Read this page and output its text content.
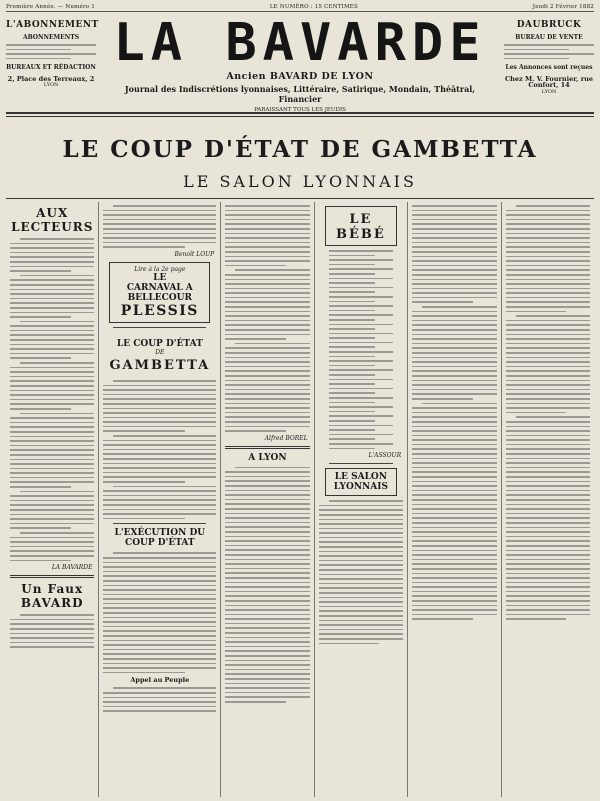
Première Année. — Numéro 1	LE NUMÉRO : 15 CENTIMES	Jeudi 2 Février 1882
L'ABONNEMENT
ABONNEMENTS
BUREAUX ET RÉDACTION
2, Place des Terreaux, 2
LYON
LA BAVARDE
Ancien BAVARD DE LYON
Journal des Indiscrétions lyonnaises, Littéraire, Satirique, Mondain, Théâtral, Financier
PARAISSANT TOUS LES JEUDIS
DAUBRUCK
BUREAU DE VENTE
Les Annonces sont reçues
Chez M. V. Fournier, rue Confort, 14
LYON
LE COUP D'ÉTAT DE GAMBETTA
LE SALON LYONNAIS
AUX LECTEURS
LA BAVARDE
Un Faux BAVARD
Benoît LOUP
Lire à la 2e page
LE
CARNAVAL A BELLECOUR
PLESSIS
LE COUP D'ÉTAT
DE
GAMBETTA
L'EXÉCUTION DU COUP D'ÉTAT
Appel au Peuple
Alfred BOREL
A LYON
LE BÉBÉ
L'ASSOUR
LE SALON LYONNAIS
